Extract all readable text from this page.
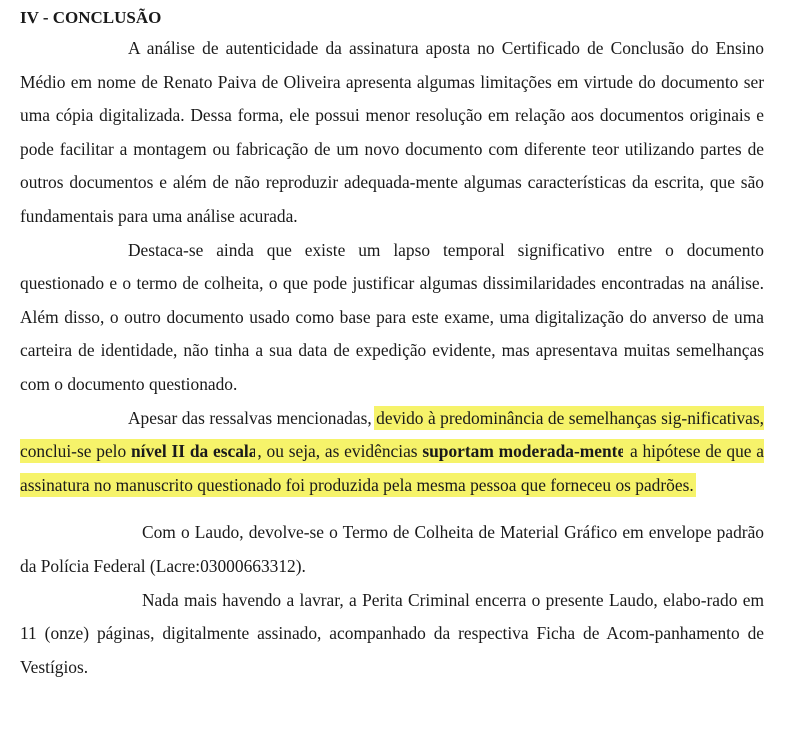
IV - CONCLUSÃO

A análise de autenticidade da assinatura aposta no Certificado de Conclusão do Ensino Médio em nome de Renato Paiva de Oliveira apresenta algumas limitações em virtude do documento ser uma cópia digitalizada. Dessa forma, ele possui menor resolução em relação aos documentos originais e pode facilitar a montagem ou fabricação de um novo documento com diferente teor utilizando partes de outros documentos e além de não reproduzir adequada-mente algumas características da escrita, que são fundamentais para uma análise acurada.

Destaca-se ainda que existe um lapso temporal significativo entre o documento questionado e o termo de colheita, o que pode justificar algumas dissimilaridades encontradas na análise. Além disso, o outro documento usado como base para este exame, uma digitalização do anverso de uma carteira de identidade, não tinha a sua data de expedição evidente, mas apresentava muitas semelhanças com o documento questionado.

Apesar das ressalvas mencionadas, devido à predominância de semelhanças sig-nificativas, conclui-se pelo nível II da escala, ou seja, as evidências suportam moderada-mente a hipótese de que a assinatura no manuscrito questionado foi produzida pela mesma pessoa que forneceu os padrões.

Com o Laudo, devolve-se o Termo de Colheita de Material Gráfico em envelope padrão da Polícia Federal (Lacre:03000663312).

Nada mais havendo a lavrar, a Perita Criminal encerra o presente Laudo, elabo-rado em 11 (onze) páginas, digitalmente assinado, acompanhado da respectiva Ficha de Acom-panhamento de Vestígios.
